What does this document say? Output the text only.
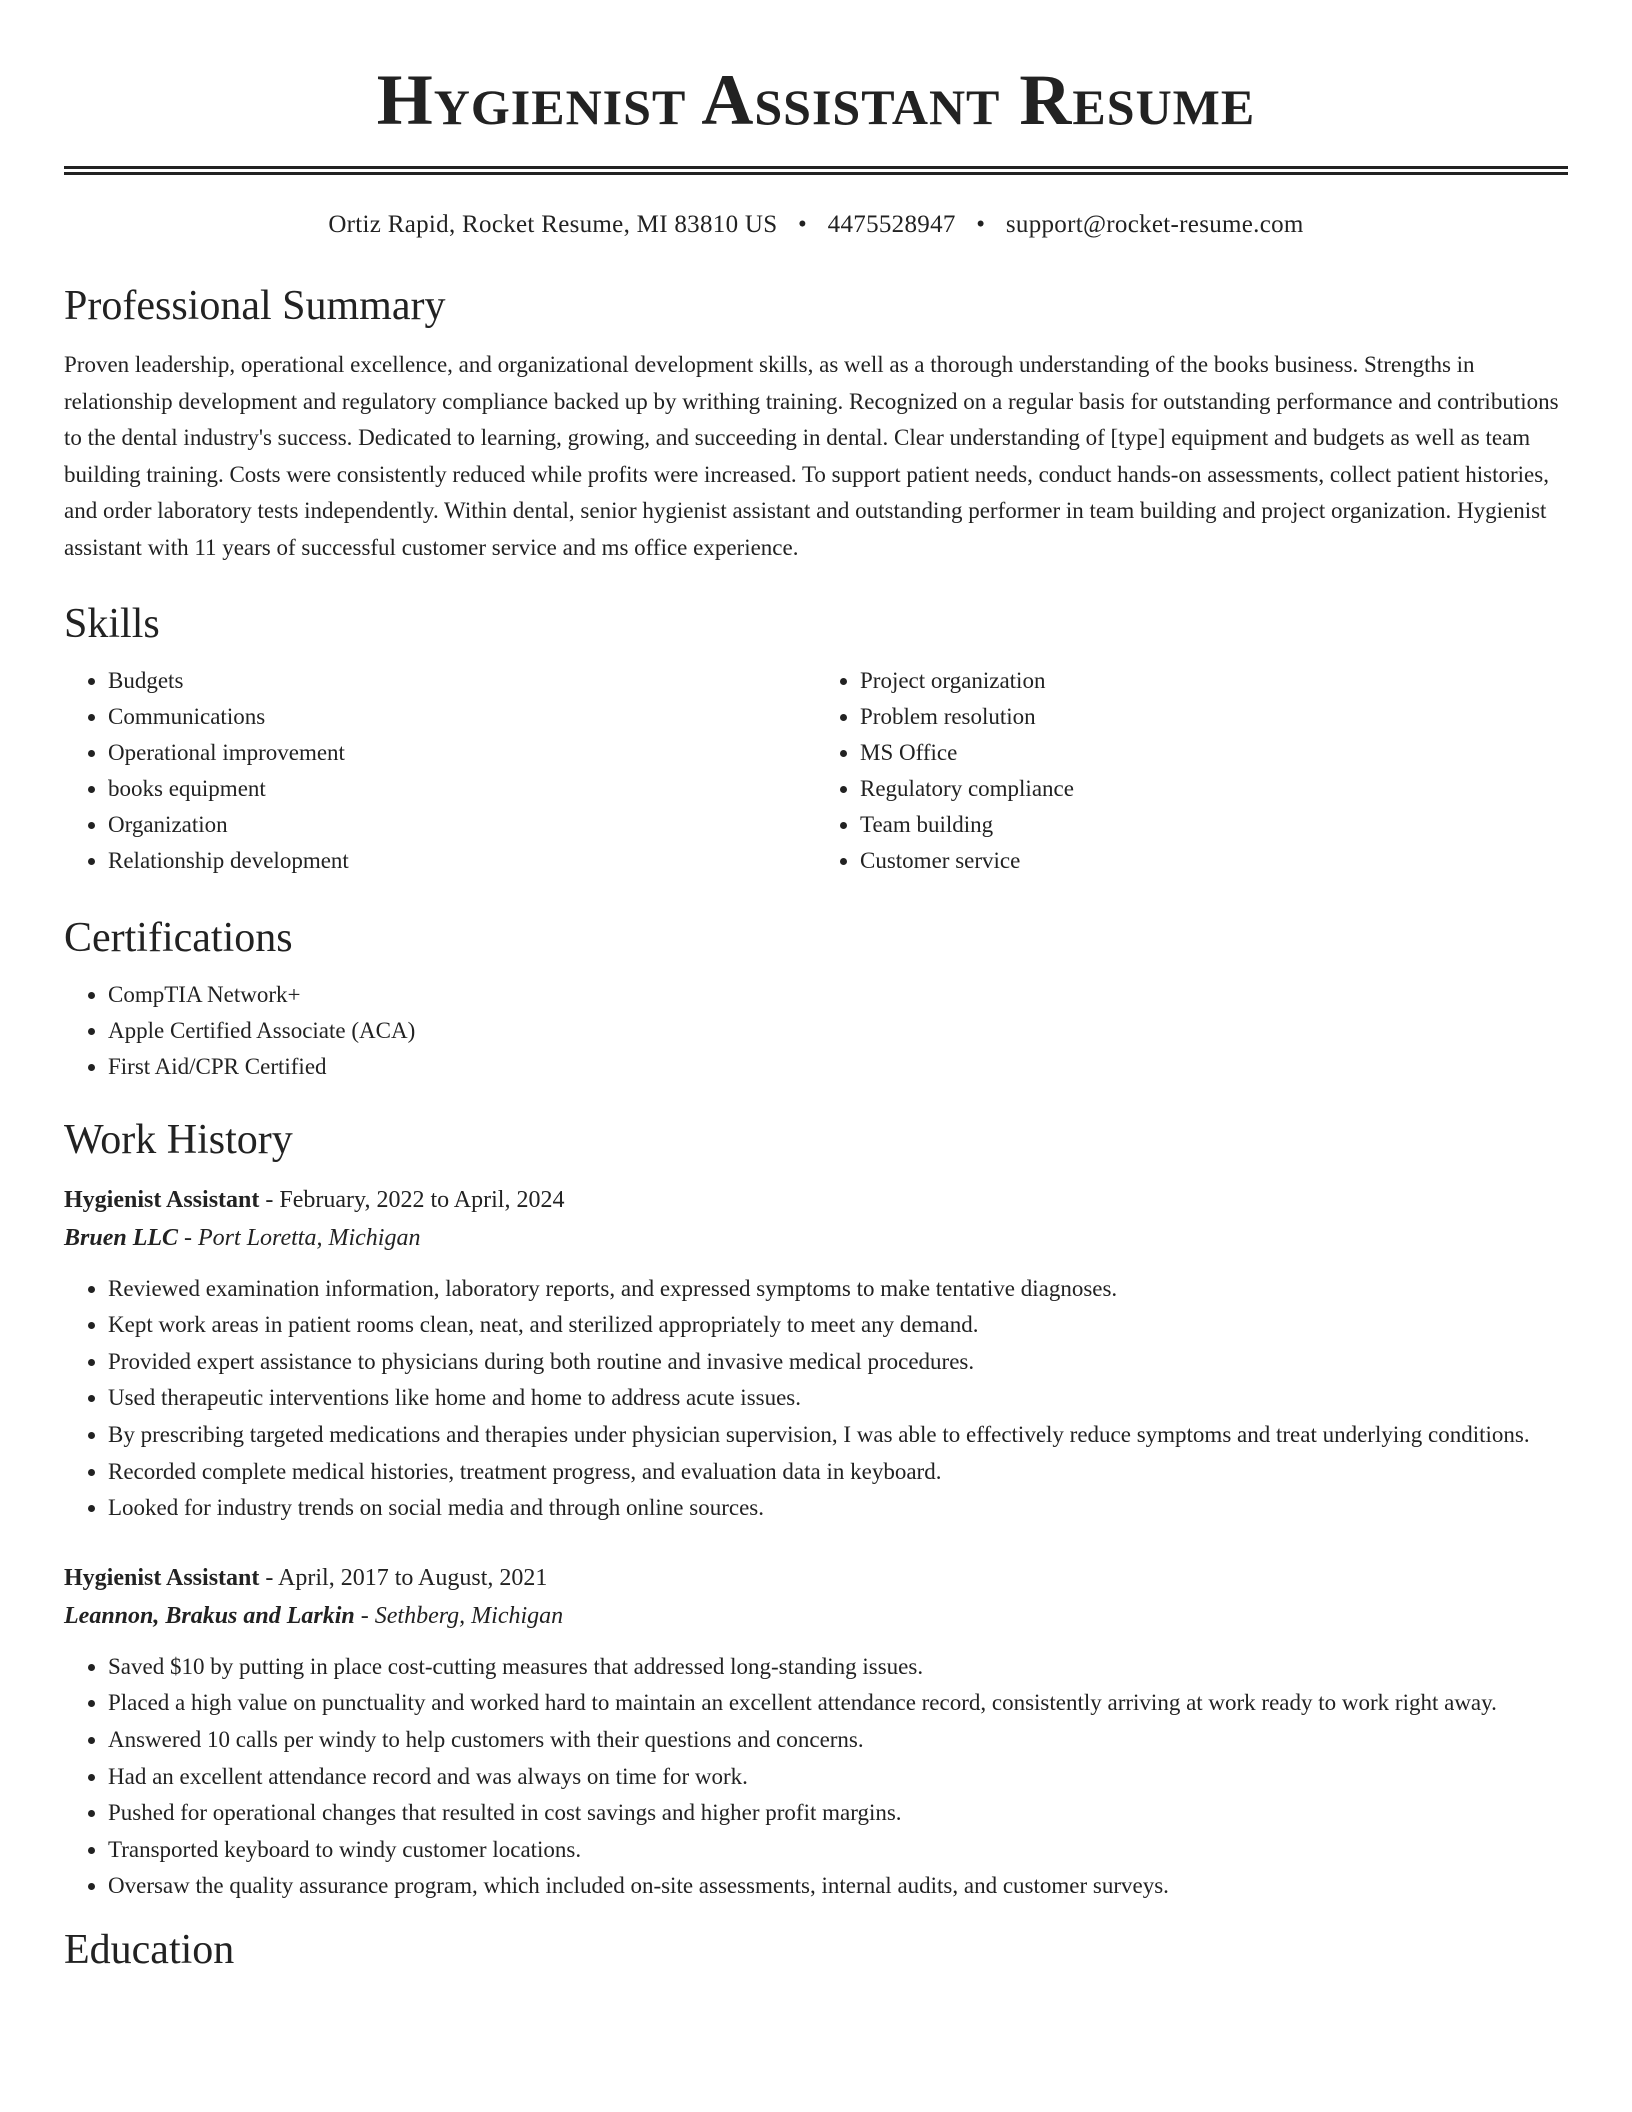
Hygienist Assistant Resume
Ortiz Rapid, Rocket Resume, MI 83810 US • 4475528947 • support@rocket-resume.com
Professional Summary

Proven leadership, operational excellence, and organizational development skills, as well as a thorough understanding of the books business. Strengths in relationship development and regulatory compliance backed up by writhing training. Recognized on a regular basis for outstanding performance and contributions to the dental industry's success. Dedicated to learning, growing, and succeeding in dental. Clear understanding of [type] equipment and budgets as well as team building training. Costs were consistently reduced while profits were increased. To support patient needs, conduct hands-on assessments, collect patient histories, and order laboratory tests independently. Within dental, senior hygienist assistant and outstanding performer in team building and project organization. Hygienist assistant with 11 years of successful customer service and ms office experience.

Skills
• Budgets
• Communications
• Operational improvement
• books equipment
• Organization
• Relationship development
• Project organization
• Problem resolution
• MS Office
• Regulatory compliance
• Team building
• Customer service
Certifications
• CompTIA Network+
• Apple Certified Associate (ACA)
• First Aid/CPR Certified
Work History
Hygienist Assistant - February, 2022 to April, 2024
Bruen LLC - Port Loretta, Michigan
• Reviewed examination information, laboratory reports, and expressed symptoms to make tentative diagnoses.
• Kept work areas in patient rooms clean, neat, and sterilized appropriately to meet any demand.
• Provided expert assistance to physicians during both routine and invasive medical procedures.
• Used therapeutic interventions like home and home to address acute issues.
• By prescribing targeted medications and therapies under physician supervision, I was able to effectively reduce symptoms and treat underlying conditions.
• Recorded complete medical histories, treatment progress, and evaluation data in keyboard.
• Looked for industry trends on social media and through online sources.
Hygienist Assistant - April, 2017 to August, 2021
Leannon, Brakus and Larkin - Sethberg, Michigan
• Saved $10 by putting in place cost-cutting measures that addressed long-standing issues.
• Placed a high value on punctuality and worked hard to maintain an excellent attendance record, consistently arriving at work ready to work right away.
• Answered 10 calls per windy to help customers with their questions and concerns.
• Had an excellent attendance record and was always on time for work.
• Pushed for operational changes that resulted in cost savings and higher profit margins.
• Transported keyboard to windy customer locations.
• Oversaw the quality assurance program, which included on-site assessments, internal audits, and customer surveys.
Education
